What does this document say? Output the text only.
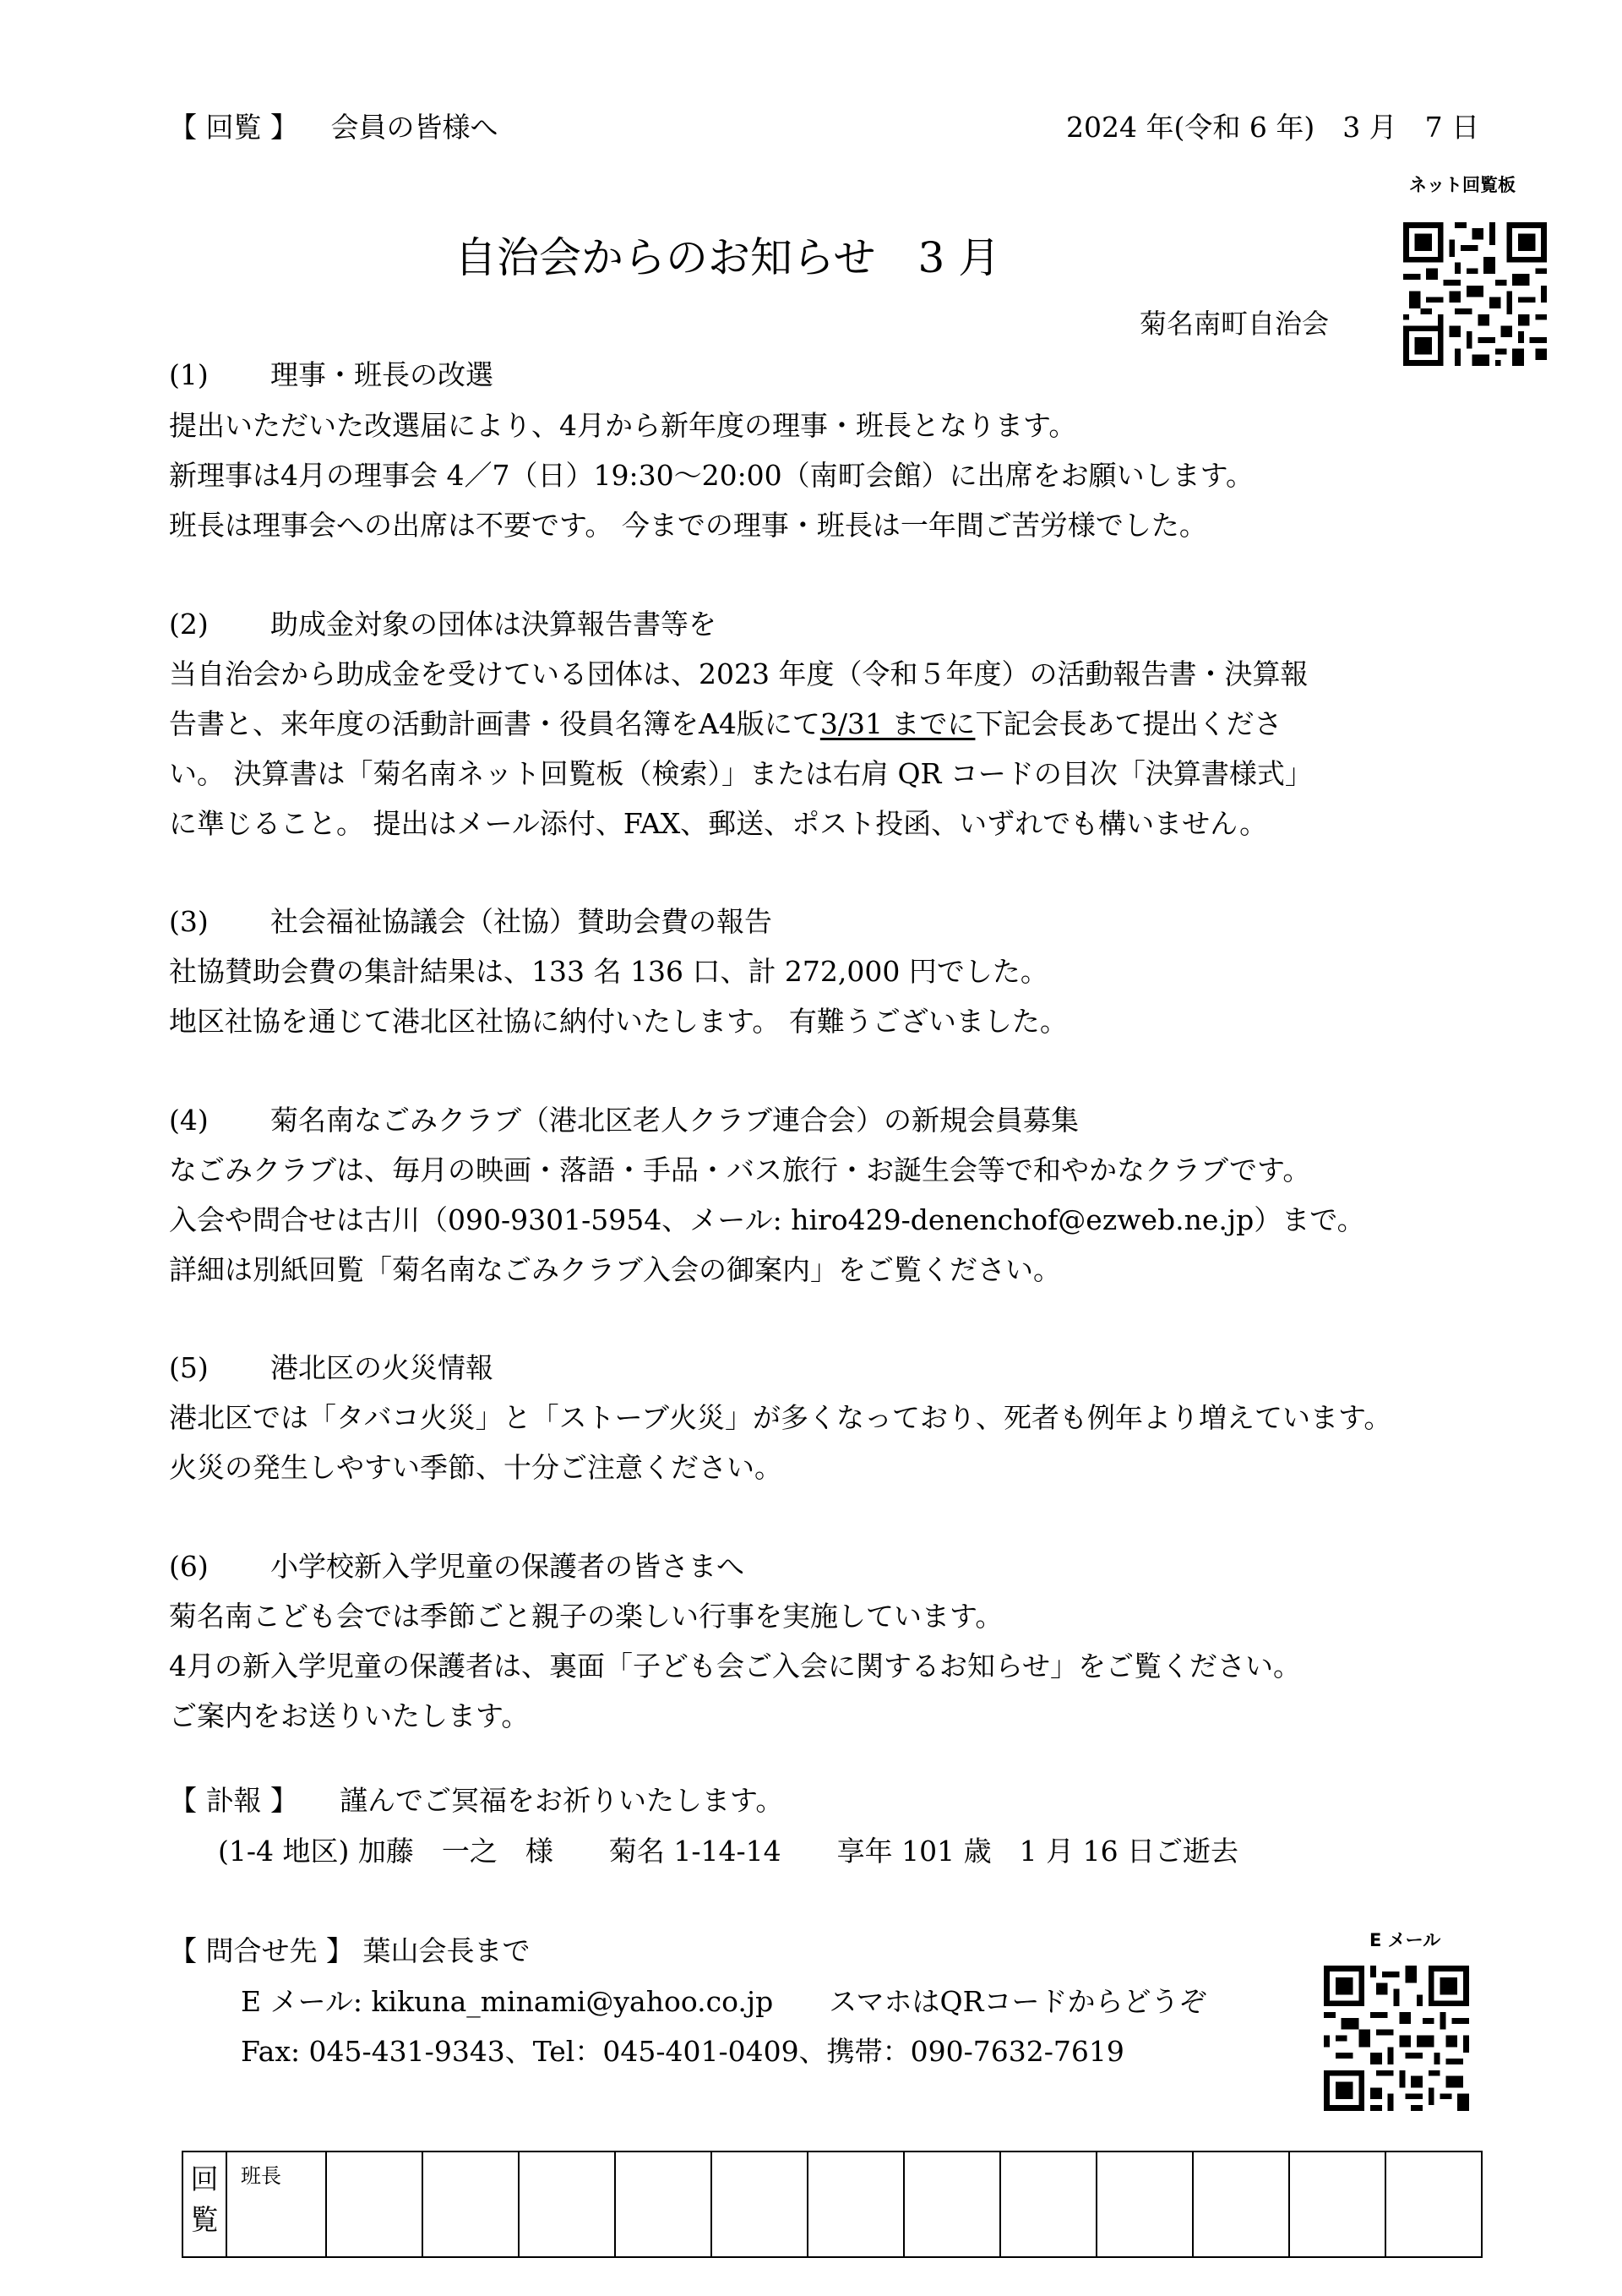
【 回覧 】 会員の皆様へ	2024 年(令和 6 年)　3 月　7 日
ネット回覧板
自治会からのお知らせ　3 月
菊名南町自治会
(1) 理事・班長の改選
提出いただいた改選届により、4月から新年度の理事・班長となります。
新理事は4月の理事会 4／7（日）19:30～20:00（南町会館）に出席をお願いします。
班長は理事会への出席は不要です。 今までの理事・班長は一年間ご苦労様でした。
(2) 助成金対象の団体は決算報告書等を
当自治会から助成金を受けている団体は、2023 年度（令和５年度）の活動報告書・決算報
告書と、来年度の活動計画書・役員名簿をA4版にて3/31 までに下記会長あて提出くださ
い。 決算書は「菊名南ネット回覧板（検索）」または右肩 QR コードの目次「決算書様式」
に準じること。 提出はメール添付、FAX、郵送、ポスト投函、いずれでも構いません。
(3) 社会福祉協議会（社協）賛助会費の報告
社協賛助会費の集計結果は、133 名 136 口、計 272,000 円でした。
地区社協を通じて港北区社協に納付いたします。 有難うございました。
(4) 菊名南なごみクラブ（港北区老人クラブ連合会）の新規会員募集
なごみクラブは、毎月の映画・落語・手品・バス旅行・お誕生会等で和やかなクラブです。
入会や問合せは古川（090-9301-5954、メール: hiro429-denenchof@ezweb.ne.jp）まで。
詳細は別紙回覧「菊名南なごみクラブ入会の御案内」をご覧ください。
(5) 港北区の火災情報
港北区では「タバコ火災」と「ストーブ火災」が多くなっており、死者も例年より増えています。
火災の発生しやすい季節、十分ご注意ください。
(6) 小学校新入学児童の保護者の皆さまへ
菊名南こども会では季節ごと親子の楽しい行事を実施しています。
4月の新入学児童の保護者は、裏面「子ども会ご入会に関するお知らせ」をご覧ください。
ご案内をお送りいたします。
【 訃報 】 謹んでご冥福をお祈りいたします。
(1-4 地区) 加藤　一之　様　　菊名 1-14-14　　享年 101 歳　1 月 16 日ご逝去
【 問合せ先 】 葉山会長まで
E メール: kikuna_minami@yahoo.co.jp　　スマホはQRコードからどうぞ
Fax: 045-431-9343、Tel：045-401-0409、携帯：090-7632-7619
E メール
回
覧
	班長												
